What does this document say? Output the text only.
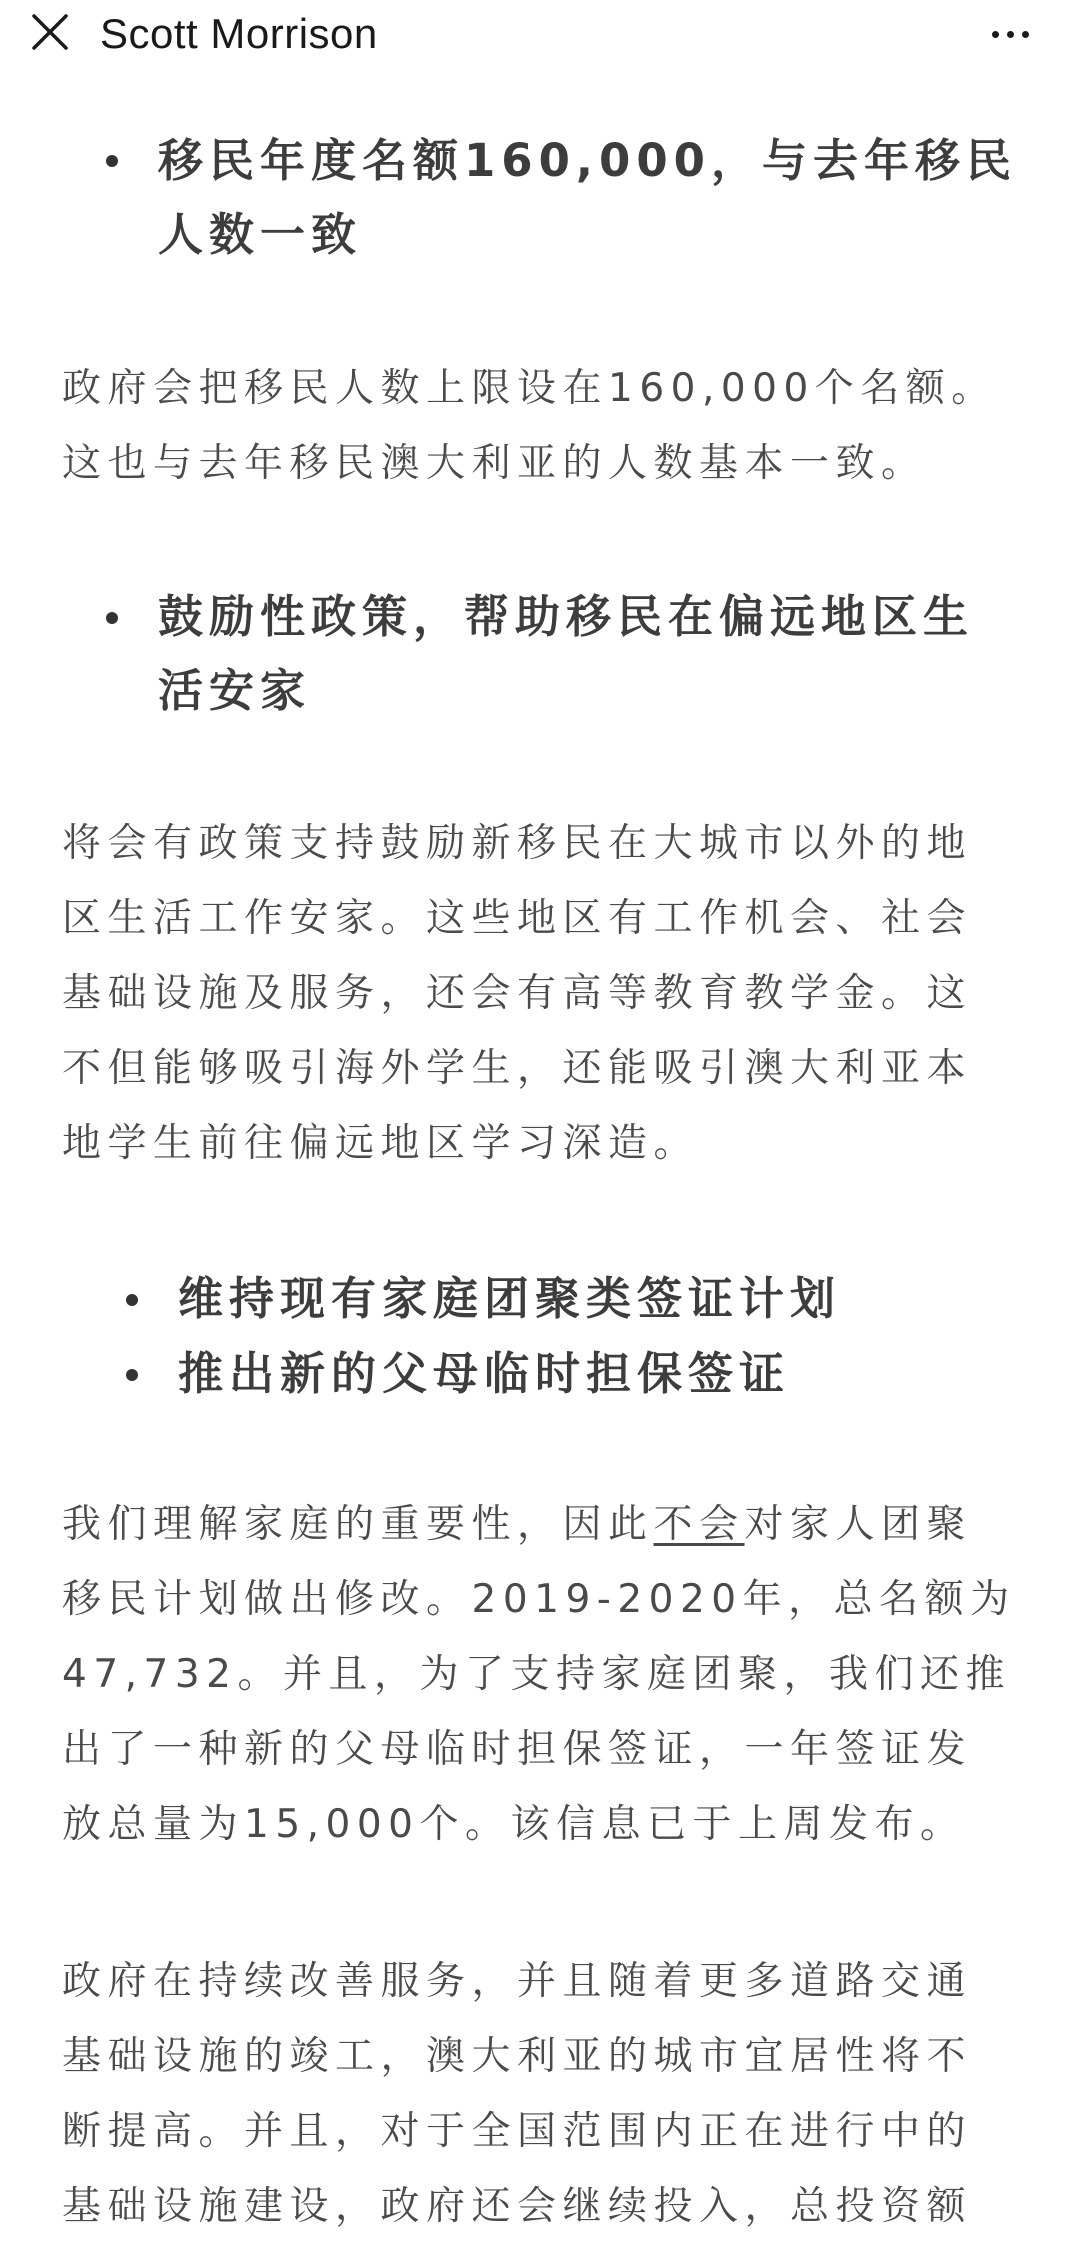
Scott Morrison
移民年度名额160,000，与去年移民
人数一致
政府会把移民人数上限设在160,000个名额。
这也与去年移民澳大利亚的人数基本一致。
鼓励性政策，帮助移民在偏远地区生
活安家
将会有政策支持鼓励新移民在大城市以外的地
区生活工作安家。这些地区有工作机会、社会
基础设施及服务，还会有高等教育教学金。这
不但能够吸引海外学生，还能吸引澳大利亚本
地学生前往偏远地区学习深造。
维持现有家庭团聚类签证计划
推出新的父母临时担保签证
我们理解家庭的重要性，因此不会对家人团聚
移民计划做出修改。2019-2020年，总名额为
47,732。并且，为了支持家庭团聚，我们还推
出了一种新的父母临时担保签证，一年签证发
放总量为15,000个。该信息已于上周发布。
政府在持续改善服务，并且随着更多道路交通
基础设施的竣工，澳大利亚的城市宜居性将不
断提高。并且，对于全国范围内正在进行中的
基础设施建设，政府还会继续投入，总投资额
